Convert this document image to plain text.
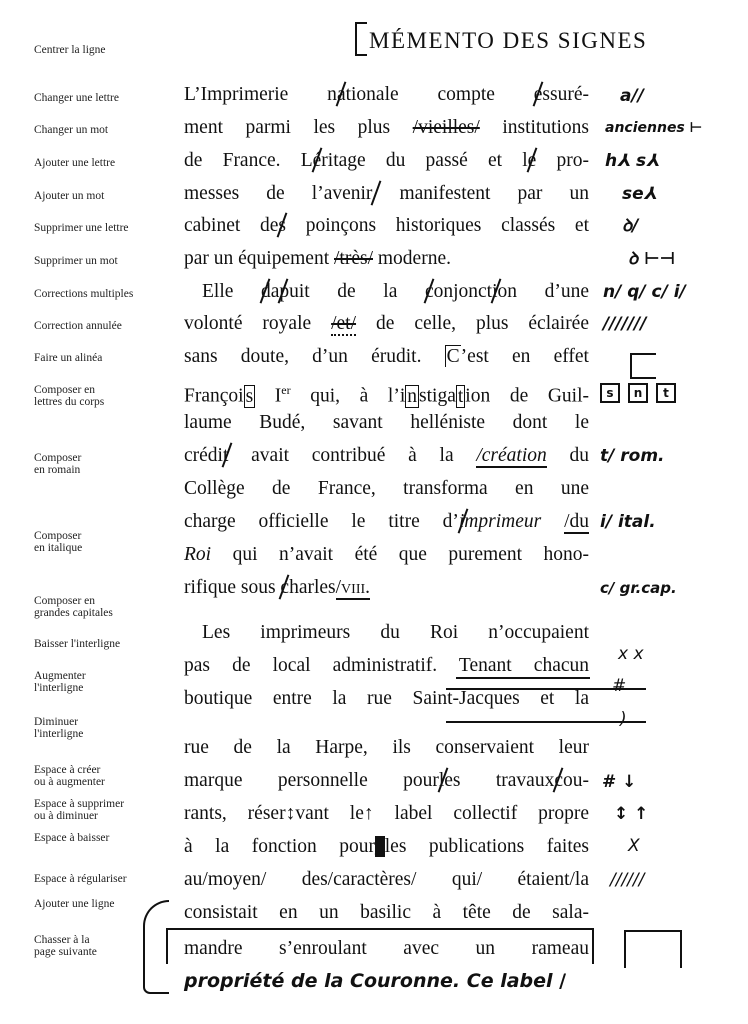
MÉMENTO DES SIGNES
Centrer la ligne
Changer une lettre
Changer un mot
Ajouter une lettre
Ajouter un mot
Supprimer une lettre
Supprimer un mot
Corrections multiples
Correction annulée
Faire un alinéa
Composer en
lettres du corps
Composer
en romain
Composer
en italique
Composer en
grandes capitales
Baisser l'interligne
Augmenter
l'interligne
Diminuer
l'interligne
Espace à créer
ou à augmenter
Espace à supprimer
ou à diminuer
Espace à baisser
Espace à régulariser
Ajouter une ligne
Chasser à la
page suivante
L’Imprimerie nationale compte essuré-
ment parmi les plus /vieilles/ institutions
de France. Léritage du passé et le pro-
messes de l’avenir manifestent par un
cabinet des poinçons historiques classés et
par un équipement /très/ moderne.
Elle dapuit de la conjonction d’une
volonté royale /et/ de celle, plus éclairée
sans doute, d’un érudit. C’est en effet
Françoi s Ier qui, à l’i n stiga t ion de Guil-
laume Budé, savant helléniste dont le
crédit avait contribué à la /création du
Collège de France, transforma en une
charge officielle le titre d’imprimeur /du
Roi qui n’avait été que purement hono-
rifique sous charles/viii.
Les imprimeurs du Roi n’occupaient
pas de local administratif. Tenant chacun
boutique entre la rue Saint-Jacques et la
rue de la Harpe, ils conservaient leur
marque personnelle pourles travauxcou-
rants, réser↕vant le↑ label collectif propre
à la fonction pour_les publications faites
au/moyen/ des/caractères/ qui/ étaient/la
consistait en un basilic à tête de sala-
mandre s’enroulant avec un rameau
propriété de la Couronne. Ce label /
a//
anciennes ⊢
h⅄ s⅄
se⅄
ꝺ/
ꝺ ⊢⊣
n/ q/ c/ i/
///////
s n t
t/ rom.
i/ ital.
c/ gr.cap.
x x
#
)
# ↓
↕ ↑
X
//////
